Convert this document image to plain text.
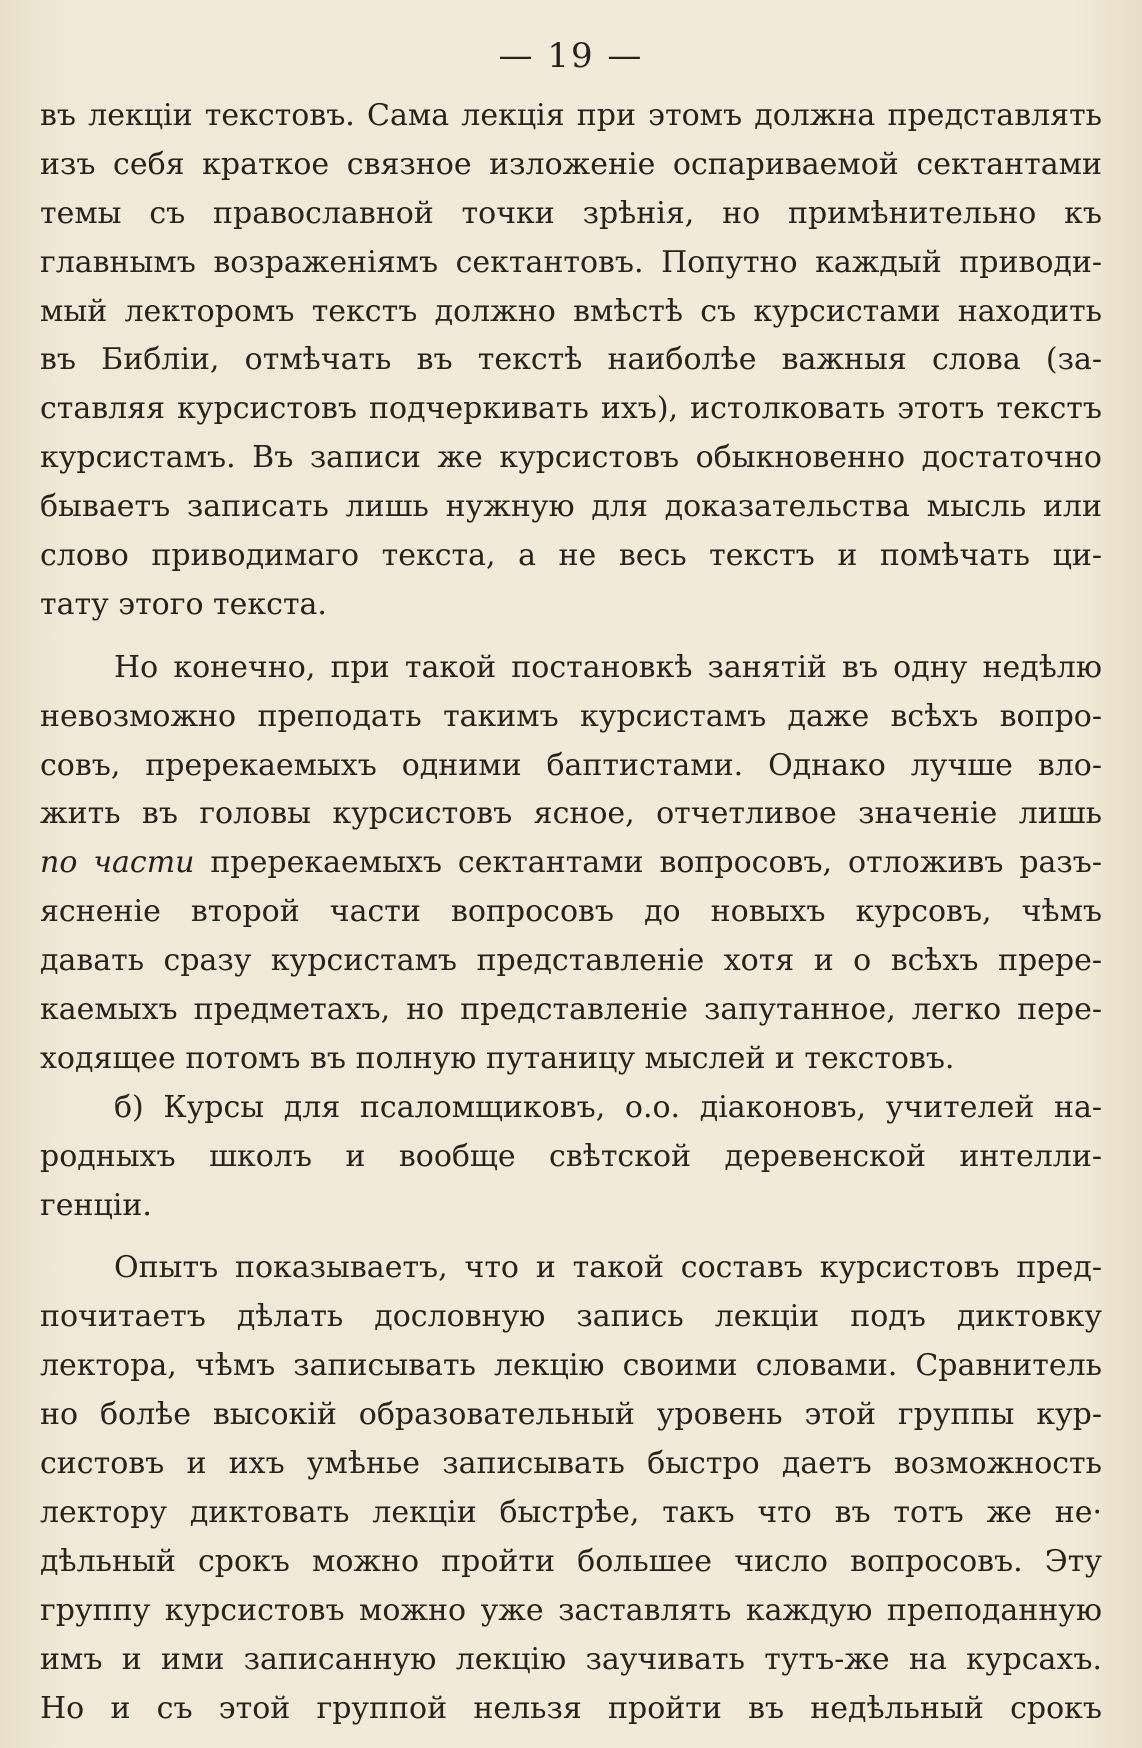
— 19 —
въ лекціи текстовъ. Сама лекція при этомъ должна представлять
изъ себя краткое связное изложеніе оспариваемой сектантами
темы съ православной точки зрѣнія, но примѣнительно къ
главнымъ возраженіямъ сектантовъ. Попутно каждый приводи-
мый лекторомъ текстъ должно вмѣстѣ съ курсистами находить
въ Библіи, отмѣчать въ текстѣ наиболѣе важныя слова (за-
ставляя курсистовъ подчеркивать ихъ), истолковать этотъ текстъ
курсистамъ. Въ записи же курсистовъ обыкновенно достаточно
бываетъ записать лишь нужную для доказательства мысль или
слово приводимаго текста, а не весь текстъ и помѣчать ци-
тату этого текста.
Но конечно, при такой постановкѣ занятій въ одну недѣлю
невозможно преподать такимъ курсистамъ даже всѣхъ вопро-
совъ, пререкаемыхъ одними баптистами. Однако лучше вло-
жить въ головы курсистовъ ясное, отчетливое значеніе лишь
по части пререкаемыхъ сектантами вопросовъ, отложивъ разъ-
ясненіе второй части вопросовъ до новыхъ курсовъ, чѣмъ
давать сразу курсистамъ представленіе хотя и о всѣхъ прере-
каемыхъ предметахъ, но представленіе запутанное, легко пере-
ходящее потомъ въ полную путаницу мыслей и текстовъ.
б) Курсы для псаломщиковъ, о.о. діаконовъ, учителей на-
родныхъ школъ и вообще свѣтской деревенской интелли-
генціи.
Опытъ показываетъ, что и такой составъ курсистовъ пред-
почитаетъ дѣлать дословную запись лекціи подъ диктовку
лектора, чѣмъ записывать лекцію своими словами. Сравнитель
но болѣе высокій образовательный уровень этой группы кур-
систовъ и ихъ умѣнье записывать быстро даетъ возможность
лектору диктовать лекціи быстрѣе, такъ что въ тотъ же не·
дѣльный срокъ можно пройти большее число вопросовъ. Эту
группу курсистовъ можно уже заставлять каждую преподанную
имъ и ими записанную лекцію заучивать тутъ-же на курсахъ.
Но и съ этой группой нельзя пройти въ недѣльный срокъ
